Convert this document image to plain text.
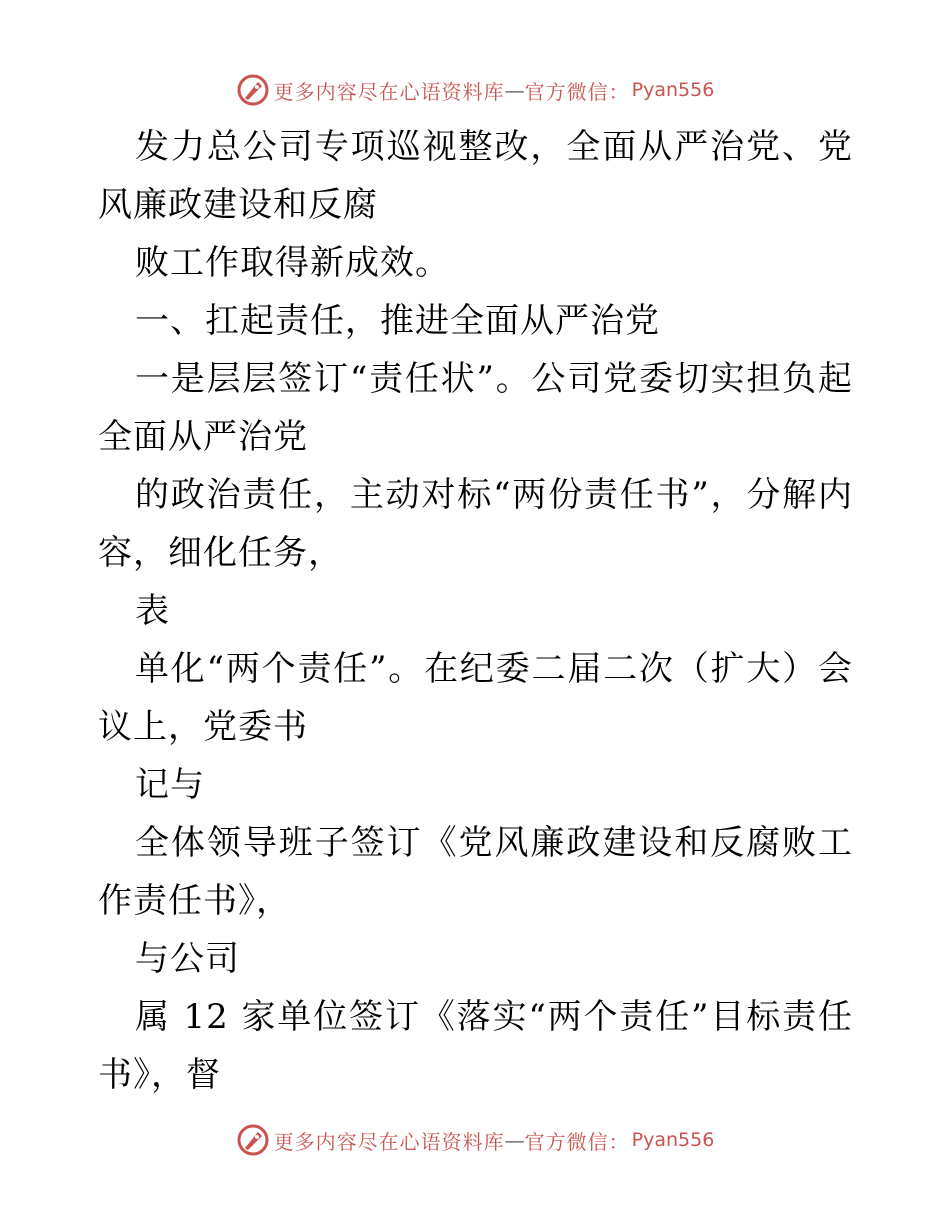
更多内容尽在心语资料库 — 官方微信： Pyan556

发力总公司专项巡视整改，全面从严治党、党风廉政建设和反腐

败工作取得新成效。

一、扛起责任，推进全面从严治党

一是层层签订“责任状”。公司党委切实担负起全面从严治党

的政治责任，主动对标“两份责任书”，分解内容，细化任务，

表

单化“两个责任”。在纪委二届二次（扩大）会议上，党委书

记与

全体领导班子签订《党风廉政建设和反腐败工作责任书》，

与公司

属 12 家单位签订《落实“两个责任”目标责任书》，督

更多内容尽在心语资料库 — 官方微信： Pyan556
